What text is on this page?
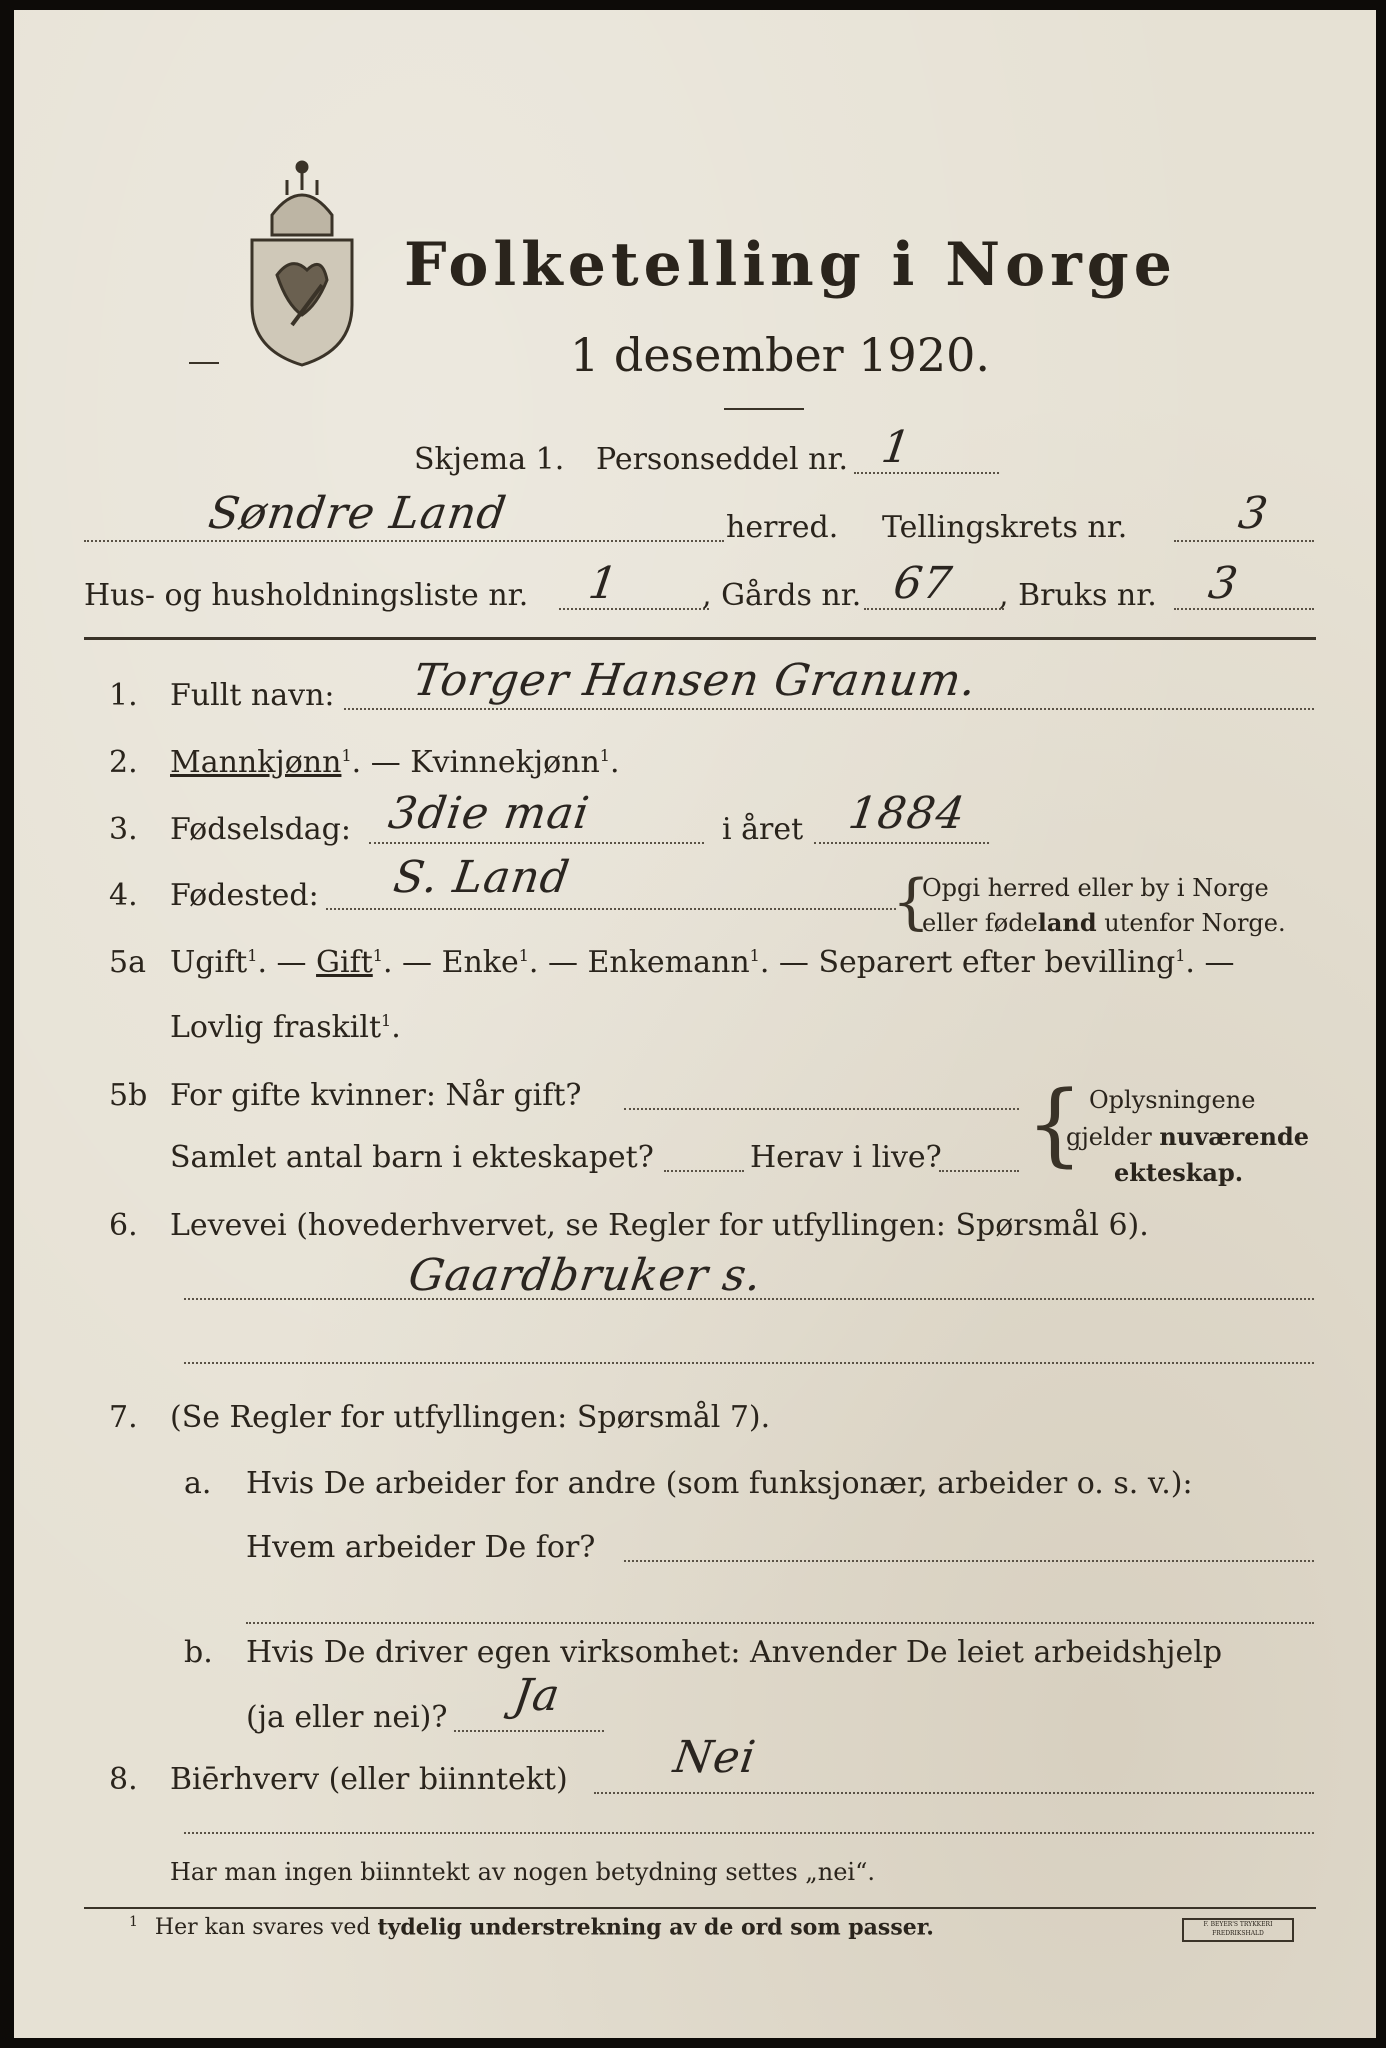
Folketelling i Norge
1 desember 1920.
Skjema 1. Personseddel nr. 1
Søndre Land	herred. Tellingskrets nr. 3
Hus- og husholdningsliste nr. 1	, Gårds nr. 67 , Bruks nr. 3
1. Fullt navn: Torger Hansen Granum.
2. Mannkjønn$^1$. — Kvinnekjønn$^1$.
3. Fødselsdag: 3die mai	i året 1884
4. Fødested: S. Land	{
Opgi herred eller by i Norge
eller fødeland utenfor Norge.
5a Ugift$^1$. — Gift$^1$. — Enke$^1$. — Enkemann$^1$. — Separert efter bevilling$^1$. —
Lovlig fraskilt$^1$.
5b For gifte kvinner: Når gift?
Samlet antal barn i ekteskapet?	Herav i live? { Oplysningene
gjelder nuværende
ekteskap.
6. Levevei (hovederhvervet, se Regler for utfyllingen: Spørsmål 6).
Gaardbruker s.
7. (Se Regler for utfyllingen: Spørsmål 7).
a. Hvis De arbeider for andre (som funksjonær, arbeider o. s. v.):
Hvem arbeider De for?
b. Hvis De driver egen virksomhet: Anvender De leiet arbeidshjelp
(ja eller nei)? Ja
8. Biērhverv (eller biinntekt) Nei
Har man ingen biinntekt av nogen betydning settes „nei“.
$^1$ Her kan svares ved tydelig understrekning av de ord som passer.	F. BEYER'S TRYKKERI FREDRIKSHALD
